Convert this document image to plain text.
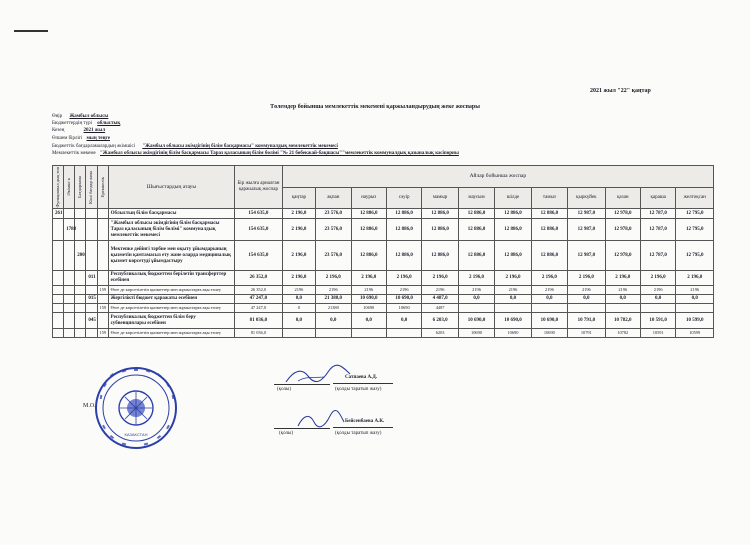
2021 жыл "22" қаңтар
Төлемдер бойынша мемлекеттік мекемені қаржыландырудың жеке жоспары
Өңір Жамбыл облысы
Бюджеттердің түрі облыстық
Кезең	2021 жыл
Өлшем бірлігі мың теңге
Бюджеттік бағдарламалардың әкімшісі "Жамбыл облысы әкімдігінің білім басқармасы" коммуналдық мемлекеттік мекемесі
Мемлекеттік мекеме "Жамбыл облысы әкімдігінің білім басқармасы Тараз қаласының білім бөлімі "№ 21 бөбекжай-бақшасы""мемлекеттік коммуналдық қазыналық кәсіпорны
Функционал дық топ	Әкімші к	Бағдарлама	Кіші бағдар лама	Ерекшелік	Шығыстардың атауы	Бір жылға арналған қаржылық жоспар	Айлар бойынша жоспар											
							қаңтар	ақпан	наурыз	сәуір	мамыр	маусым	шілде	тамыз	қыркүйек	қазан	қараша	желтоқсан
261					Облыстың білім басқармасы	154 635,0	2 196,0	23 576,0	12 886,0	12 886,0	12 886,0	12 886,0	12 886,0	12 886,0	12 987,0	12 978,0	12 787,0	12 795,0
	1788				"Жамбыл облысы әкімдігінің білім басқармасы Тараз қаласының білім бөлімі" коммуналдық мемлекеттік мекемесі	154 635,0	2 196,0	23 576,0	12 886,0	12 886,0	12 886,0	12 886,0	12 886,0	12 886,0	12 987,0	12 978,0	12 787,0	12 795,0
		200			Мектепке дейінгі тәрбие мен оқыту ұйымдарының қызметін қамтамасыз ету және оларда медициналық қызмет көрсетуді ұйымдастыру	154 635,0	2 196,0	23 576,0	12 886,0	12 886,0	12 886,0	12 886,0	12 886,0	12 886,0	12 987,0	12 978,0	12 787,0	12 795,0
			011		Республикалық бюджеттен берілетін трансферттер есебінен	26 352,0	2 196,0	2 196,0	2 196,0	2 196,0	2 196,0	2 196,0	2 196,0	2 196,0	2 196,0	2 196,0	2 196,0	2 196,0
				159	Өзге де көрсетілетін қызметтер мен жұмыстарға ақы төлеу	26 352,0	2196	2196	2196	2196	2196	2196	2196	2196	2196	2196	2196	2196
			015		Жергілікті бюджет қаражаты есебінен	47 247,0	0,0	21 380,0	10 690,0	10 690,0	4 487,0	0,0	0,0	0,0	0,0	0,0	0,0	0,0
				159	Өзге де көрсетілетін қызметтер мен жұмыстарға ақы төлеу	47 247,0	0	21380	10690	10690	4487							
			045		Республикалық бюджеттен білім беру субвенциялары есебінен	81 036,0	0,0	0,0	0,0	0,0	6 203,0	10 690,0	10 690,0	10 690,0	10 791,0	10 782,0	10 591,0	10 599,0
				159	Өзге де көрсетілетін қызметтер мен жұмыстарға ақы төлеу	81 036,0					6203	10690	10690	10690	10791	10782	10591	10599
КАЗАКСТАН
М.О.
Сатпаева А.Д.
(қолы)	(қолды таратып жазу)
Бейсенбаева А.К.
(қолы)	(қолды таратып жазу)
